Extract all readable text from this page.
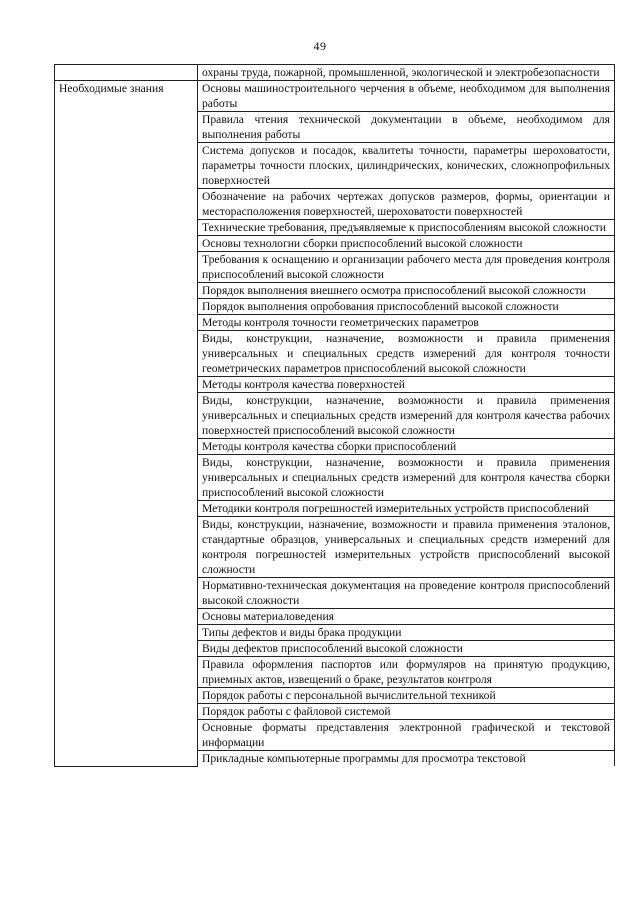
49
	охраны труда, пожарной, промышленной, экологической и электробезопасности
Необходимые знания	Основы машиностроительного черчения в объеме, необходимом для выполнения работы
	Правила чтения технической документации в объеме, необходимом для выполнения работы
	Система допусков и посадок, квалитеты точности, параметры шероховатости, параметры точности плоских, цилиндрических, конических, сложнопрофильных поверхностей
	Обозначение на рабочих чертежах допусков размеров, формы, ориентации и месторасположения поверхностей, шероховатости поверхностей
	Технические требования, предъявляемые к приспособлениям высокой сложности
	Основы технологии сборки приспособлений высокой сложности
	Требования к оснащению и организации рабочего места для проведения контроля приспособлений высокой сложности
	Порядок выполнения внешнего осмотра приспособлений высокой сложности
	Порядок выполнения опробования приспособлений высокой сложности
	Методы контроля точности геометрических параметров
	Виды, конструкции, назначение, возможности и правила применения универсальных и специальных средств измерений для контроля точности геометрических параметров приспособлений высокой сложности
	Методы контроля качества поверхностей
	Виды, конструкции, назначение, возможности и правила применения универсальных и специальных средств измерений для контроля качества рабочих поверхностей приспособлений высокой сложности
	Методы контроля качества сборки приспособлений
	Виды, конструкции, назначение, возможности и правила применения универсальных и специальных средств измерений для контроля качества сборки приспособлений высокой сложности
	Методики контроля погрешностей измерительных устройств приспособлений
	Виды, конструкции, назначение, возможности и правила применения эталонов, стандартные образцов, универсальных и специальных средств измерений для контроля погрешностей измерительных устройств приспособлений высокой сложности
	Нормативно-техническая документация на проведение контроля приспособлений высокой сложности
	Основы материаловедения
	Типы дефектов и виды брака продукции
	Виды дефектов приспособлений высокой сложности
	Правила оформления паспортов или формуляров на принятую продукцию, приемных актов, извещений о браке, результатов контроля
	Порядок работы с персональной вычислительной техникой
	Порядок работы с файловой системой
	Основные форматы представления электронной графической и текстовой информации
	Прикладные компьютерные программы для просмотра текстовой
